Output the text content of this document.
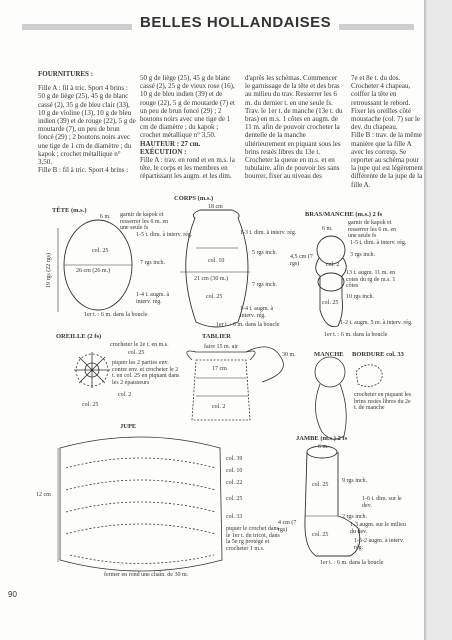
BELLES HOLLANDAISES
FOURNITURES :
Fille A : fil à tric. Sport 4 brins : 50 g de liège (25), 45 g de blanc cassé (2), 35 g de bleu clair (33), 10 g de violine (13), 10 g de bleu indien (39) et de rouge (22), 5 g de moutarde (7), un peu de brun foncé (29) ; 2 boutons noirs avec une tige de 1 cm de diamètre ; du kapok ; crochet métallique n° 3,50.
Fille B : fil à tric. Sport 4 brins :
50 g de liège (25), 45 g de blanc cassé (2), 25 g de vieux rose (16), 10 g de bleu indien (39) et de rouge (22), 5 g de moutarde (7) et un peu de brun foncé (29) ; 2 boutons noirs avec une tige de 1 cm de diamètre ; du kapok ; crochet métallique n° 3,50.
HAUTEUR : 27 cm.
EXÉCUTION :
Fille A : trav. en rond et en m.s. la tête, le corps et les membres en répartissant les augm. et les dim.
d'après les schémas. Commencer le garnissage de la tête et des bras au milieu du trav. Resserrer les 6 m. du dernier t. en une seule fs. Trav. le 1er t. de manche (13e t. du bras) en m.s. 1 côtes en augm. de 11 m. afin de pouvoir crocheter la dentelle de la manche ultérieurement en piquant sous les brins restés libres du 13e t. Crocheter la queue en m.s. et en tubulaire, afin de pouvoir les sans bourrer, fixer au niveau des
7e et 8e t. du dos. Crocheter 4 chapeau, coiffer la tête en retroussant le rebord. Fixer les oreilles côté moustache (col. 7) sur le dev. du chapeau.
Fille B : trav. de la même manière que la fille A avec les corresp. Se reporter au schéma pour la jupe qui est légèrement différente de la jupe de la fille A.
TÊTE (m.s.)
6 m. garnir de kapok et resserrer les 6 m. en une seule fs
1-5 t. dim. à interv. rég.
col. 25
7 rgs inch.
26 cm (26 m.)
19 rgs (22 rgs)
1-4 t. augm. à interv. rég.
1er t. : 6 m. dans la boucle
CORPS (m.s.)
18 cm
1-3 t. dim. à interv. rég.
5 rgs inch.
col. 10
21 cm (30 m.)
7 rgs inch.
col. 25
1-4 t. augm. à interv. rég.
1er t. : 6 m. dans la boucle
BRAS/MANCHE (m.s.) 2 fs
6 m.
garnir de kapok et resserrer les 6 m. en une seule fs
1-5 t. dim. à interv. rég.
3 rgs inch.
4,5 cm (7 rgs)	col. 2
13 t. augm. 11 m. en cotes du rg de m.s. 1 côtes
10 rgs inch.
col. 25
1-2 t. augm. 5 m. à interv. rég.
1er t. : 6 m. dans la boucle
OREILLE (2 fs)
crocheter le 2e t. en m.s.
col. 25
piquer les 2 parties env. contre env. et crocheter le 2 t. en col. 25 en piquant dans les 2 épaisseurs
col. 2
col. 25
TABLIER
faire 15 m. air
17 cm
30 m.
col. 2
MANCHE BORDURE col. 33
crocheter en piquant les brins restés libres du 2e t. de manche
JUPE
col. 39
col. 10
col. 22
col. 25
col. 33
12 cm
piquer le crochet dans le 1er t. du tricot, dans la 5e rg protégé et crocheter 1 m.s.
fermer en rond une chaîn. de 30 m.
JAMBE (m.s.) 2 fs
6 m.
9 rgs inch.
col. 25
1-6 t. dim. sur le dev.
4 cm (7 rgs)
2 rgs inch.
1-3 augm. sur le milieu du dev.
col. 25
1-6-2 augm. à interv. rég.
1er t. : 6 m. dans la boucle
90
